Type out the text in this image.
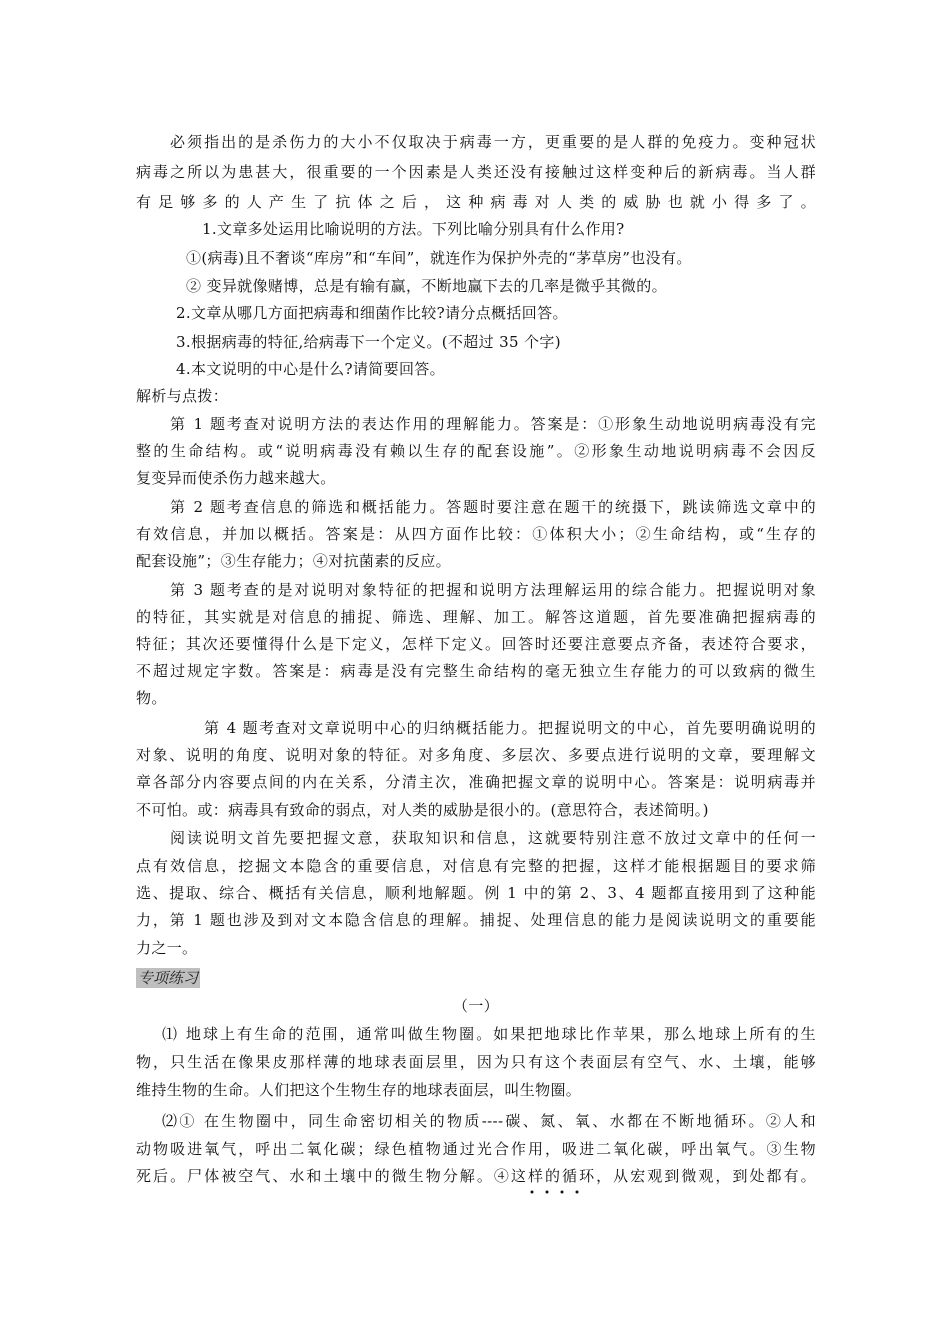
必须指出的是杀伤力的大小不仅取决于病毒一方，更重要的是人群的免疫力。变种冠状
病毒之所以为患甚大，很重要的一个因素是人类还没有接触过这样变种后的新病毒。当人群
有足够多的人产生了抗体之后，这种病毒对人类的威胁也就小得多了。
1.文章多处运用比喻说明的方法。下列比喻分别具有什么作用?
①(病毒)且不奢谈“库房”和“车间”，就连作为保护外壳的“茅草房”也没有。
② 变异就像赌博，总是有输有赢，不断地赢下去的几率是微乎其微的。
2.文章从哪几方面把病毒和细菌作比较?请分点概括回答。
3.根据病毒的特征,给病毒下一个定义。(不超过 35 个字)
4.本文说明的中心是什么?请简要回答。
解析与点拨：
第 1 题考查对说明方法的表达作用的理解能力。答案是：①形象生动地说明病毒没有完
整的生命结构。或“说明病毒没有赖以生存的配套设施”。②形象生动地说明病毒不会因反
复变异而使杀伤力越来越大。
第 2 题考查信息的筛选和概括能力。答题时要注意在题干的统摄下，跳读筛选文章中的
有效信息，并加以概括。答案是：从四方面作比较：①体积大小；②生命结构，或“生存的
配套设施”；③生存能力；④对抗菌素的反应。
第 3 题考查的是对说明对象特征的把握和说明方法理解运用的综合能力。把握说明对象
的特征，其实就是对信息的捕捉、筛选、理解、加工。解答这道题，首先要准确把握病毒的
特征；其次还要懂得什么是下定义，怎样下定义。回答时还要注意要点齐备，表述符合要求，
不超过规定字数。答案是：病毒是没有完整生命结构的毫无独立生存能力的可以致病的微生
物。
第 4 题考查对文章说明中心的归纳概括能力。把握说明文的中心，首先要明确说明的
对象、说明的角度、说明对象的特征。对多角度、多层次、多要点进行说明的文章，要理解文
章各部分内容要点间的内在关系，分清主次，准确把握文章的说明中心。答案是：说明病毒并
不可怕。或：病毒具有致命的弱点，对人类的威胁是很小的。(意思符合，表述简明。)
阅读说明文首先要把握文意，获取知识和信息，这就要特别注意不放过文章中的任何一
点有效信息，挖掘文本隐含的重要信息，对信息有完整的把握，这样才能根据题目的要求筛
选、提取、综合、概括有关信息，顺利地解题。例 1 中的第 2、3、4 题都直接用到了这种能
力，第 1 题也涉及到对文本隐含信息的理解。捕捉、处理信息的能力是阅读说明文的重要能
力之一。
专项练习
（一）
⑴ 地球上有生命的范围，通常叫做生物圈。如果把地球比作苹果，那么地球上所有的生
物，只生活在像果皮那样薄的地球表面层里，因为只有这个表面层有空气、水、土壤，能够
维持生物的生命。人们把这个生物生存的地球表面层，叫生物圈。
⑵① 在生物圈中，同生命密切相关的物质----碳、氮、氧、水都在不断地循环。②人和
动物吸进氧气，呼出二氧化碳；绿色植物通过光合作用，吸进二氧化碳，呼出氧气。③生物
死后。尸体被空气、水和土壤中的微生物分解。④这样的循环，从宏观到微观，到处都有。
